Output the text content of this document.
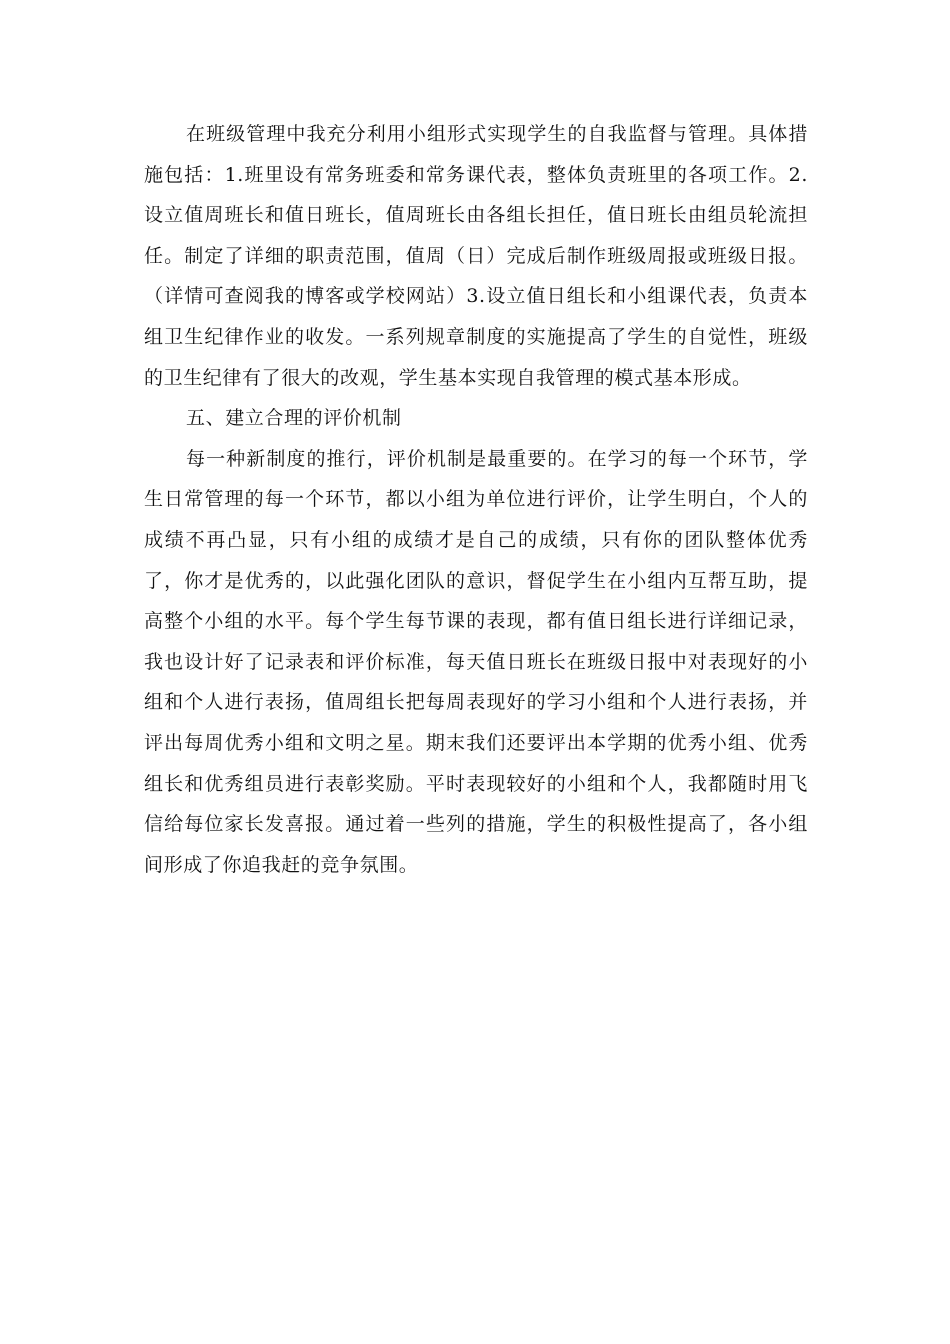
在班级管理中我充分利用小组形式实现学生的自我监督与管理。具体措施包括：1.班里设有常务班委和常务课代表，整体负责班里的各项工作。2.设立值周班长和值日班长，值周班长由各组长担任，值日班长由组员轮流担任。制定了详细的职责范围，值周（日）完成后制作班级周报或班级日报。（详情可查阅我的博客或学校网站）3.设立值日组长和小组课代表，负责本组卫生纪律作业的收发。一系列规章制度的实施提高了学生的自觉性，班级的卫生纪律有了很大的改观，学生基本实现自我管理的模式基本形成。

五、建立合理的评价机制

每一种新制度的推行，评价机制是最重要的。在学习的每一个环节，学生日常管理的每一个环节，都以小组为单位进行评价，让学生明白，个人的成绩不再凸显，只有小组的成绩才是自己的成绩，只有你的团队整体优秀了，你才是优秀的，以此强化团队的意识，督促学生在小组内互帮互助，提高整个小组的水平。每个学生每节课的表现，都有值日组长进行详细记录，我也设计好了记录表和评价标准，每天值日班长在班级日报中对表现好的小组和个人进行表扬，值周组长把每周表现好的学习小组和个人进行表扬，并评出每周优秀小组和文明之星。期末我们还要评出本学期的优秀小组、优秀组长和优秀组员进行表彰奖励。平时表现较好的小组和个人，我都随时用飞信给每位家长发喜报。通过着一些列的措施，学生的积极性提高了，各小组间形成了你追我赶的竞争氛围。
